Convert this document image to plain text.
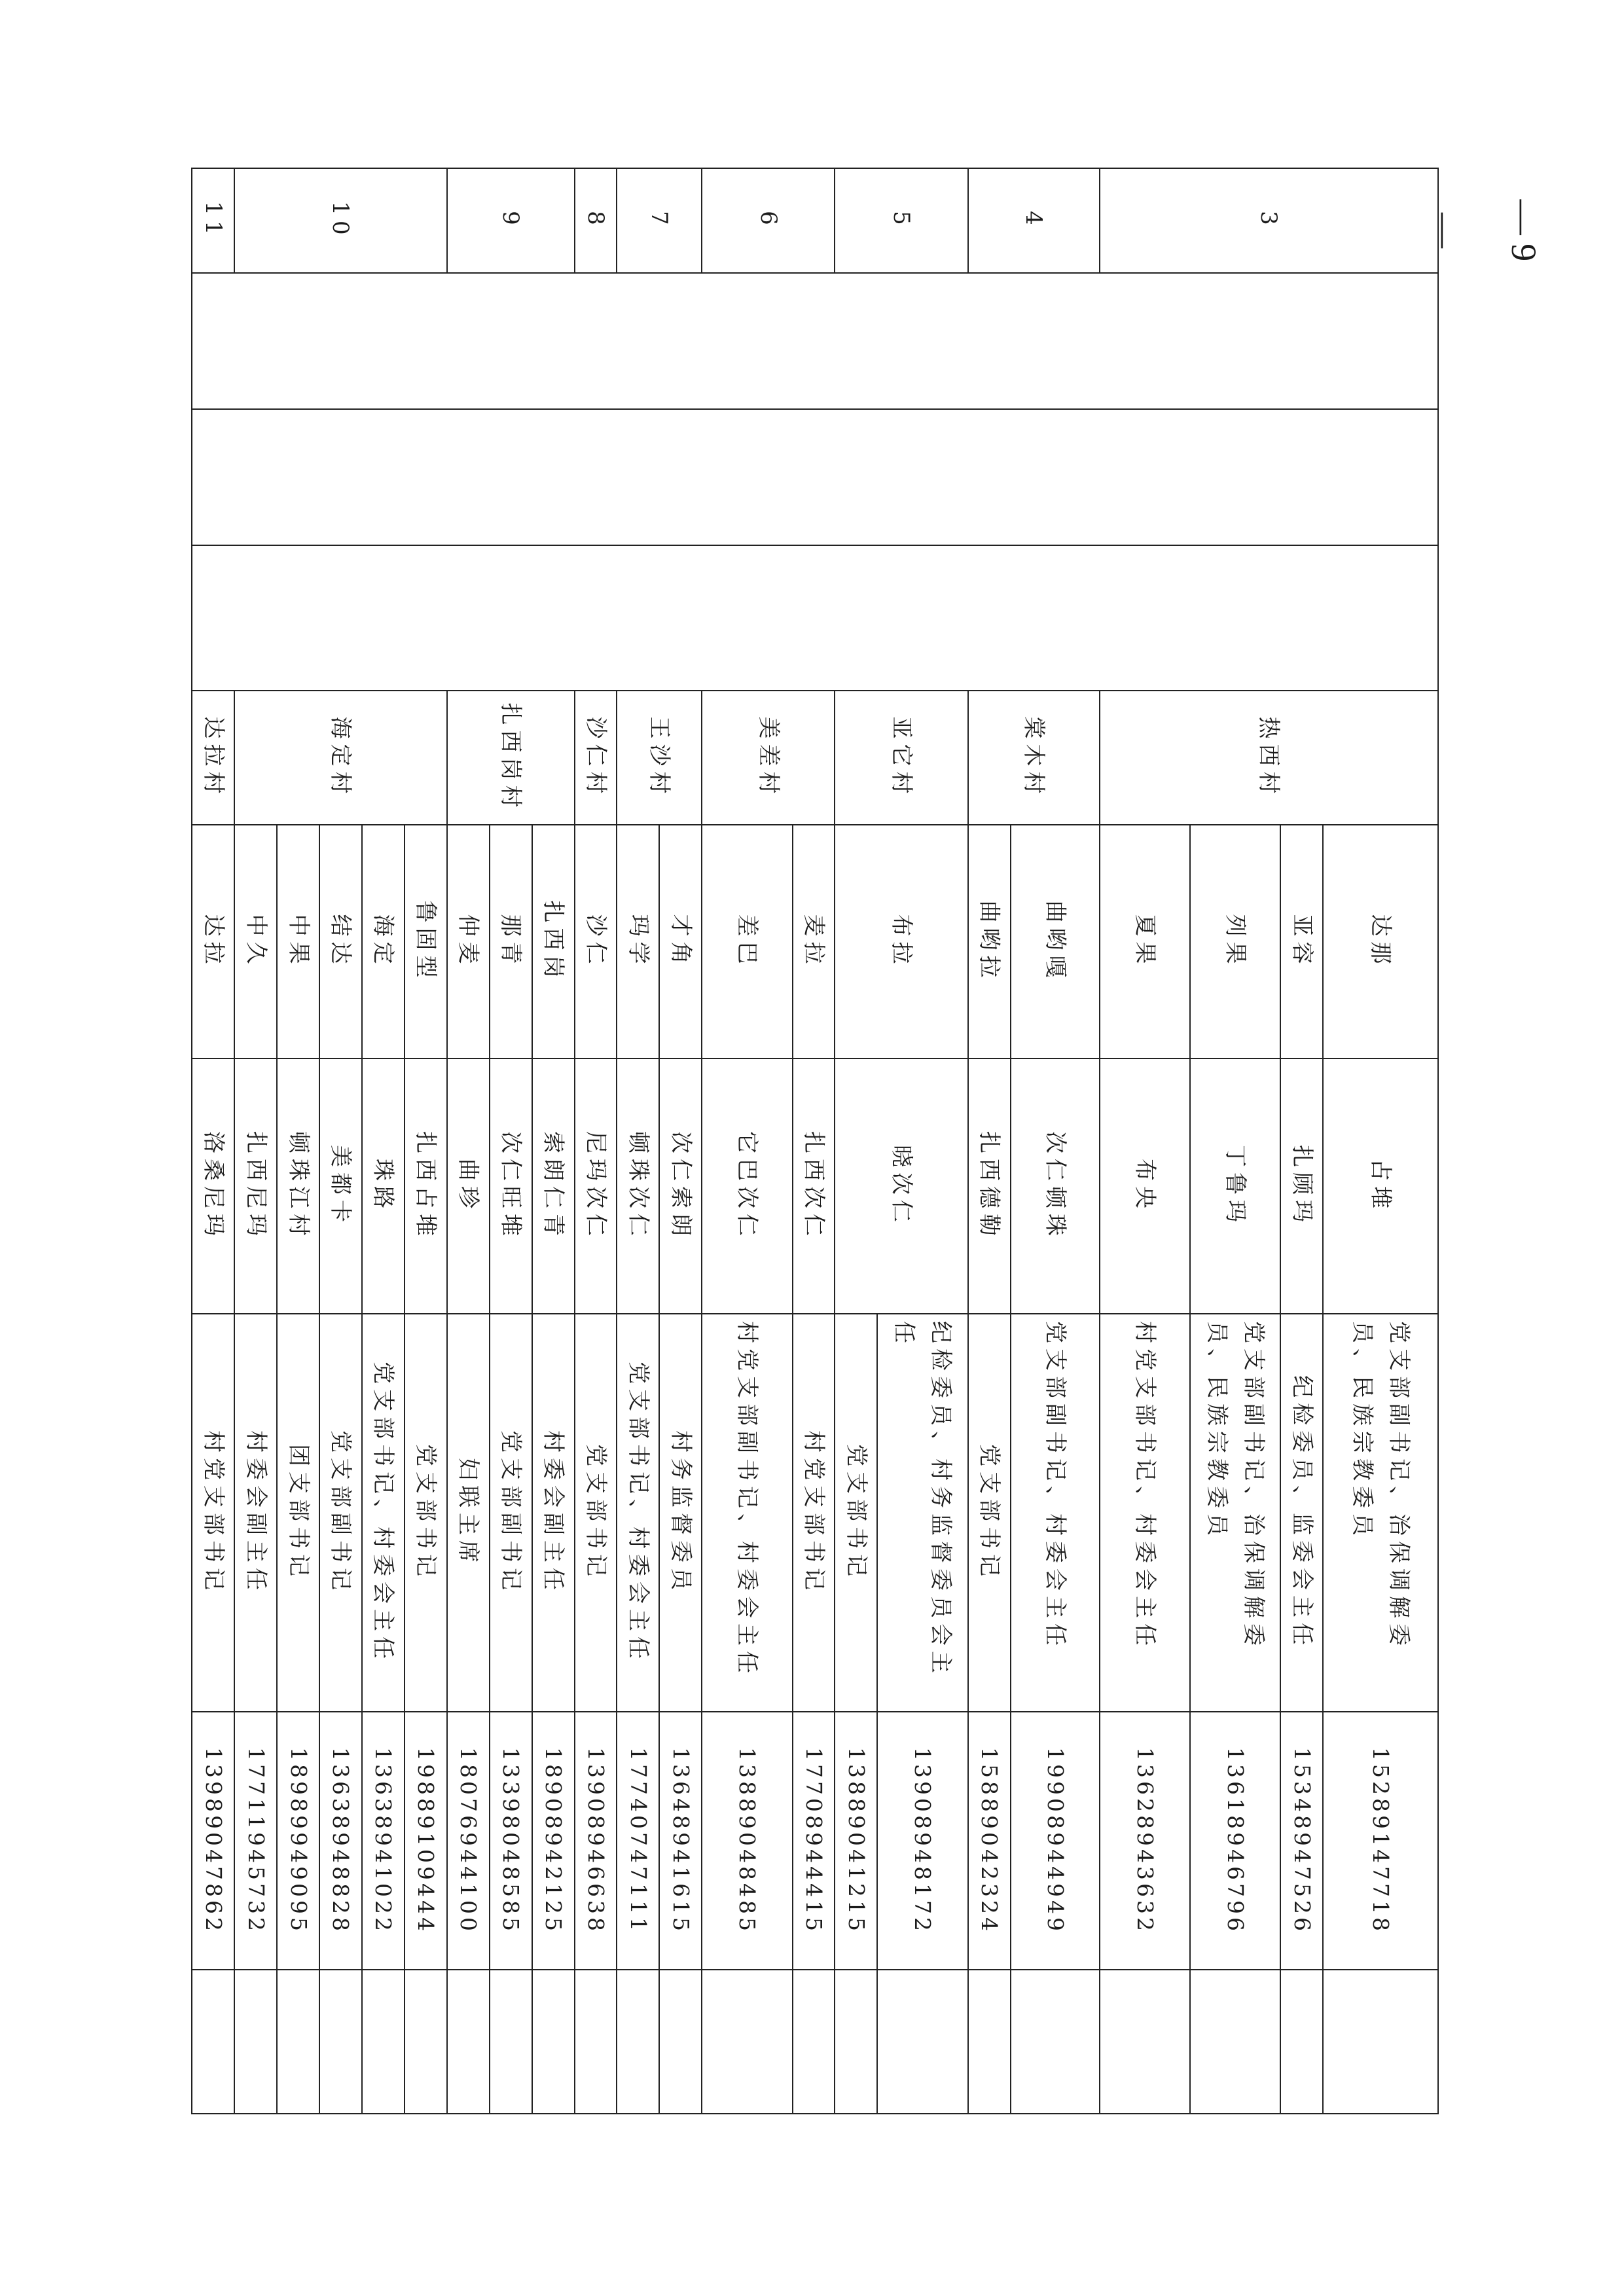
3				热西村	达那	占堆	党支部副书记、治保调解委员、民族宗教委员	15289147718	
					亚容	扎顾玛	纪检委员、监委会主任	15348947526	
					列果	丁鲁玛	党支部副书记、治保调解委员、民族宗教委员	13618946796	
					夏果	布央	村党支部书记、村委会主任	13628943632	
4				棠木村	曲哟嘎	次仁顿珠	党支部副书记、村委会主任	19908944949	
					曲哟拉	扎西德勒	党支部书记	15889042324	
5				亚它村	布拉	晓次仁	纪检委员、村务监督委员会主任	13908948172	
							党支部书记	13889041215	
6				美差村	麦拉	扎西次仁	村党支部书记	17708944415	
					差巴	它巴次仁	村党支部副书记、村委会主任	13889048485	
7				王沙村	才角	次仁索朗	村务监督委员	13648941615	
					玛学	顿珠次仁	党支部书记、村委会主任	17740747111	
8				沙仁村	沙仁	尼玛次仁	党支部书记	13908946638	
9				扎西岗村	扎西岗	索朗仁青	村委会副主任	18908942125	
					那青	次仁旺堆	党支部副书记	13398048585	
					仲麦	曲珍	妇联主席	18076944100	
10				海定村	鲁固型	扎西占堆	党支部书记	19889109444	
					海定	珠路	党支部书记、村委会主任	13638941022	
					结达	美都卡	党支部副书记	13638948828	
					中果	顿珠江村	团支部书记	18989949095	
					中久	扎西尼玛	村委会副主任	17711945732	
11				达拉村	达拉	洛桑尼玛	村党支部书记	13989047862	
— 9 —
